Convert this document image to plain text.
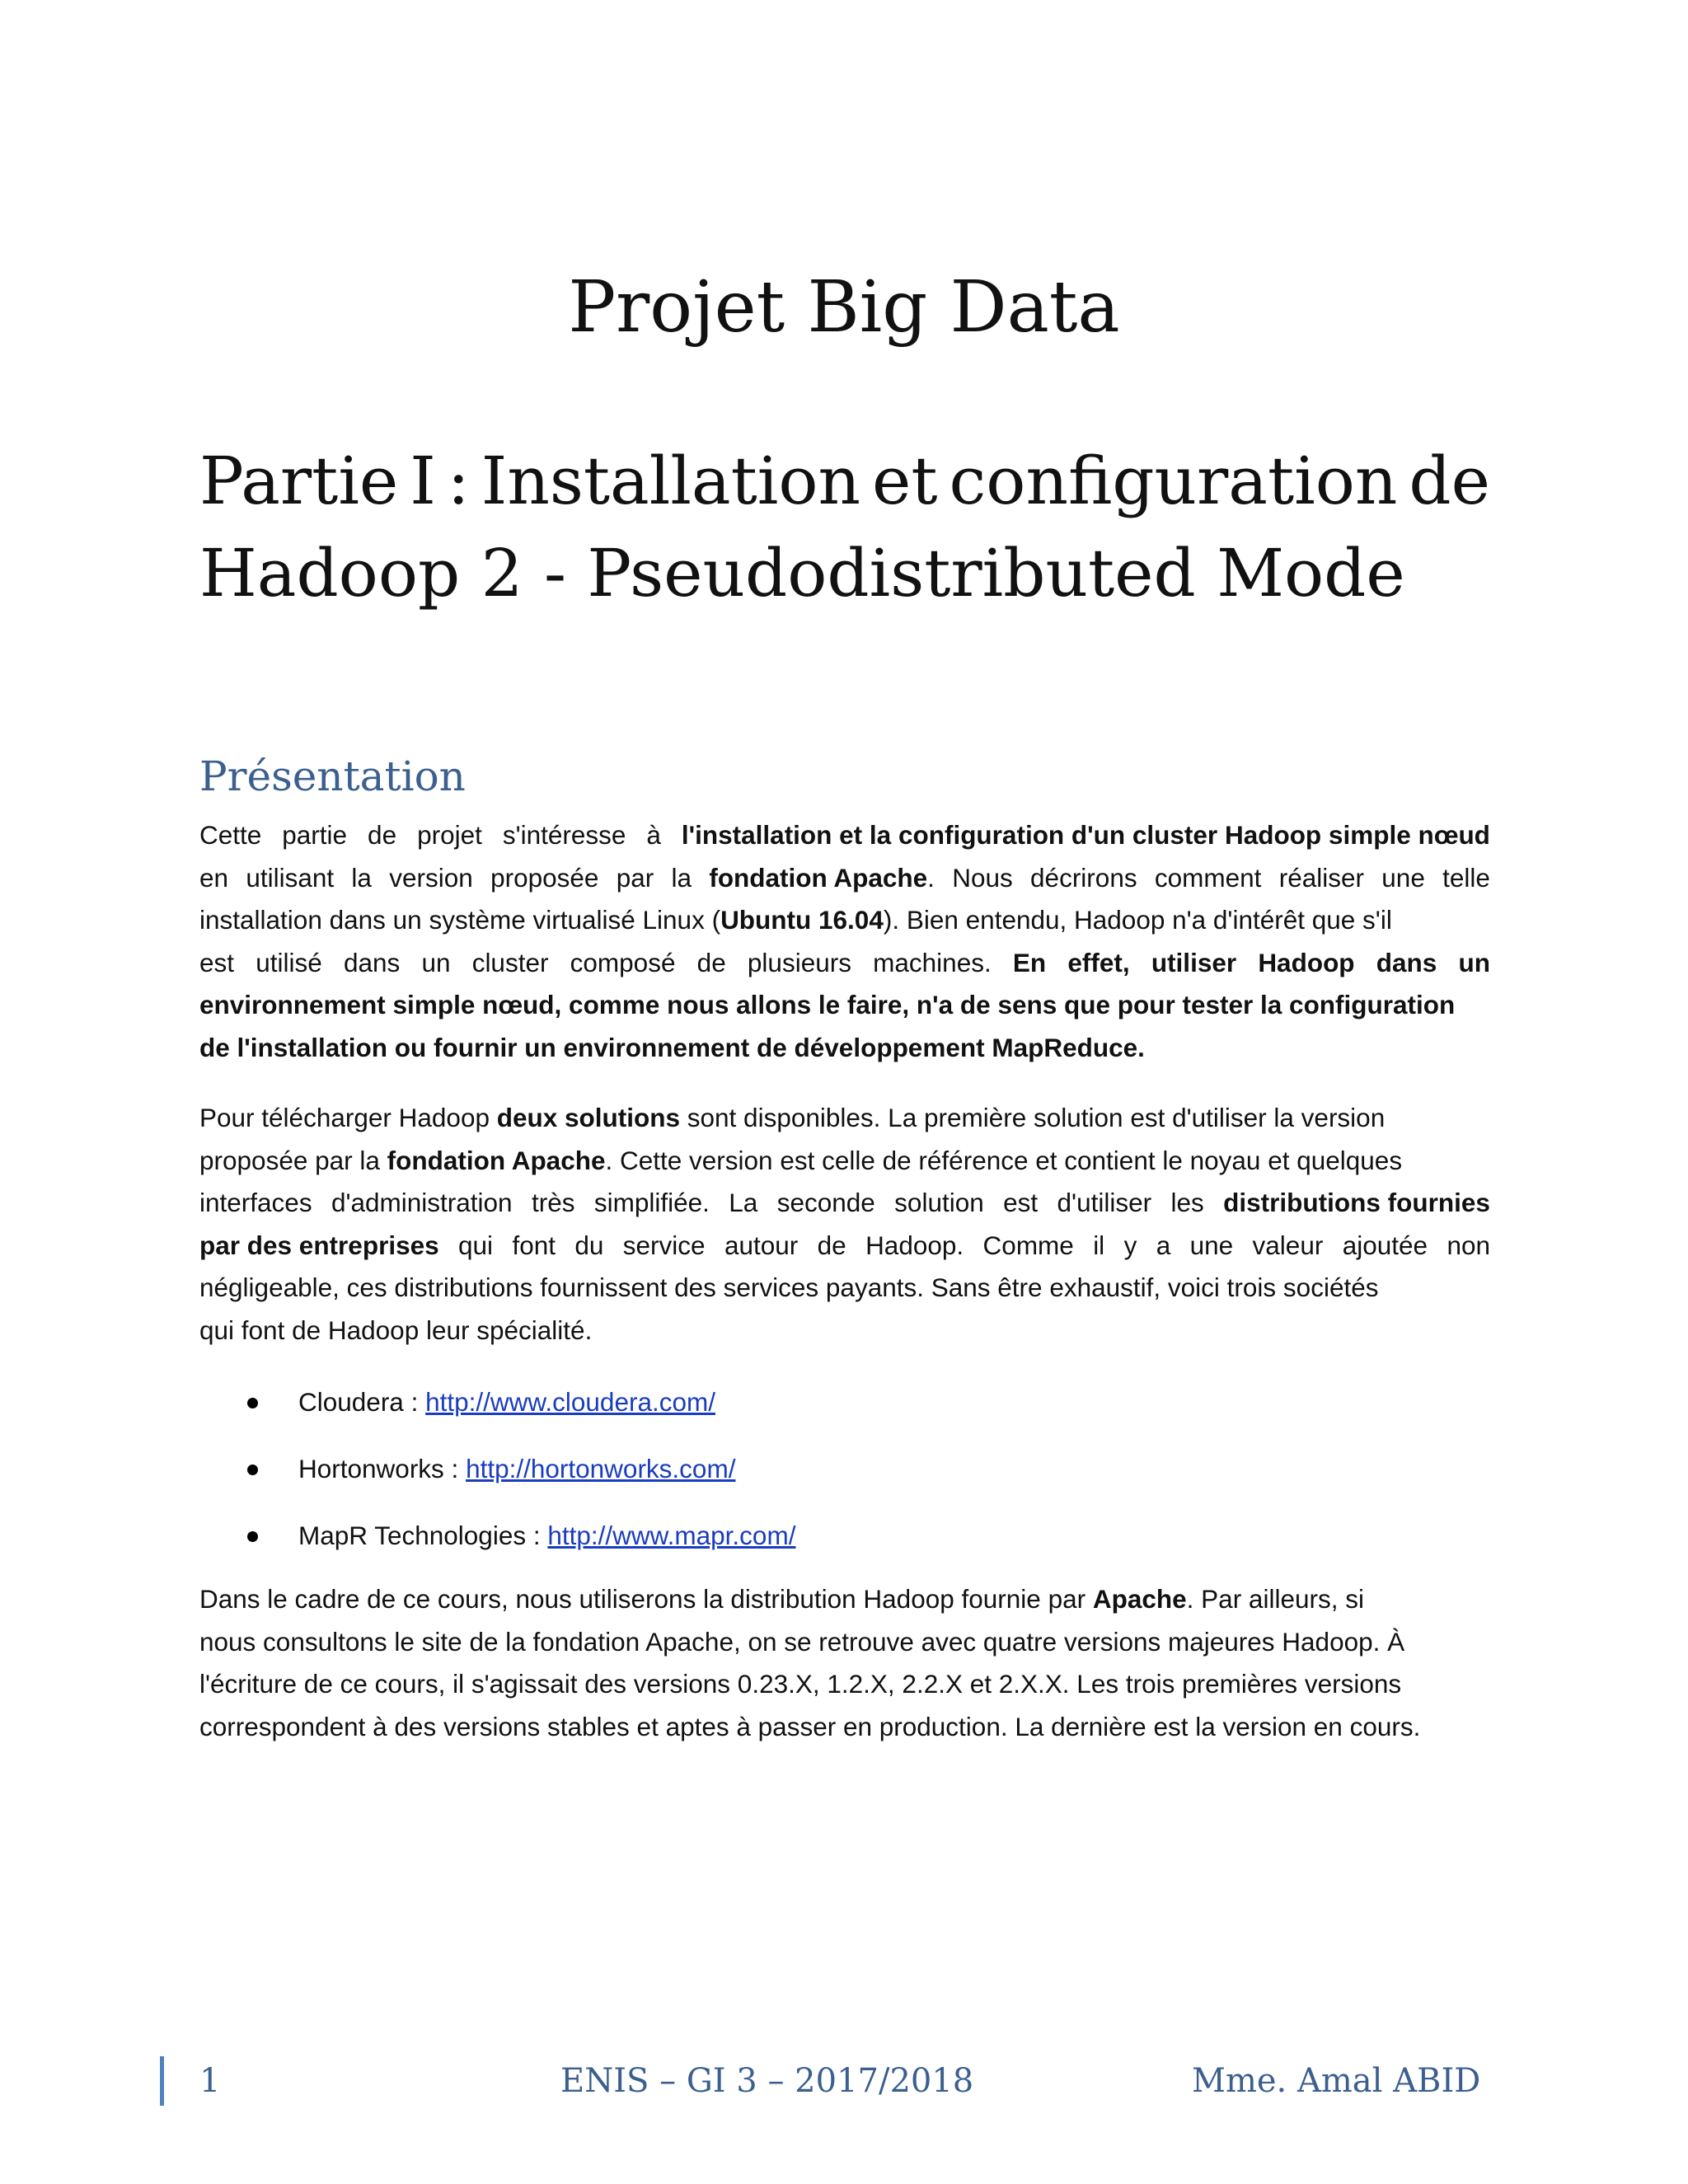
Projet Big Data
Partie I : Installation et configuration de
Hadoop 2 - Pseudodistributed Mode
Présentation
Cette partie de projet s'intéresse à l'installation et la configuration d'un cluster Hadoop simple nœud
en utilisant la version proposée par la fondation Apache. Nous décrirons comment réaliser une telle
installation dans un système virtualisé Linux (Ubuntu 16.04). Bien entendu, Hadoop n'a d'intérêt que s'il
est utilisé dans un cluster composé de plusieurs machines. En effet, utiliser Hadoop dans un
environnement simple nœud, comme nous allons le faire, n'a de sens que pour tester la configuration
de l'installation ou fournir un environnement de développement MapReduce.
Pour télécharger Hadoop deux solutions sont disponibles. La première solution est d'utiliser la version
proposée par la fondation Apache. Cette version est celle de référence et contient le noyau et quelques
interfaces d'administration très simplifiée. La seconde solution est d'utiliser les distributions fournies
par des entreprises qui font du service autour de Hadoop. Comme il y a une valeur ajoutée non
négligeable, ces distributions fournissent des services payants. Sans être exhaustif, voici trois sociétés
qui font de Hadoop leur spécialité.
Cloudera : http://www.cloudera.com/
Hortonworks : http://hortonworks.com/
MapR Technologies : http://www.mapr.com/
Dans le cadre de ce cours, nous utiliserons la distribution Hadoop fournie par Apache. Par ailleurs, si
nous consultons le site de la fondation Apache, on se retrouve avec quatre versions majeures Hadoop. À
l'écriture de ce cours, il s'agissait des versions 0.23.X, 1.2.X, 2.2.X et 2.X.X. Les trois premières versions
correspondent à des versions stables et aptes à passer en production. La dernière est la version en cours.
1	ENIS – GI 3 – 2017/2018	Mme. Amal ABID
